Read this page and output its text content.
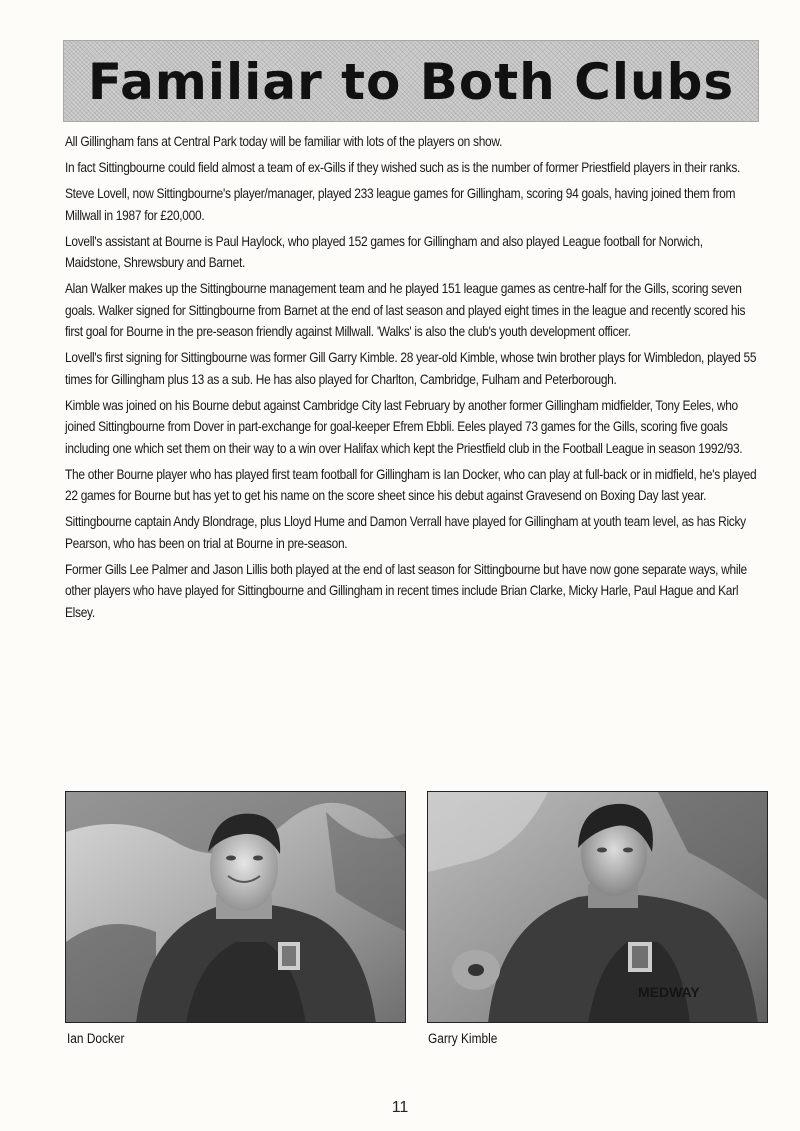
Familiar to Both Clubs

All Gillingham fans at Central Park today will be familiar with lots of the players on show.

In fact Sittingbourne could field almost a team of ex-Gills if they wished such as is the number of former Priestfield players in their ranks.

Steve Lovell, now Sittingbourne's player/manager, played 233 league games for Gillingham, scoring 94 goals, having joined them from Millwall in 1987 for £20,000.

Lovell's assistant at Bourne is Paul Haylock, who played 152 games for Gillingham and also played League football for Norwich, Maidstone, Shrewsbury and Barnet.

Alan Walker makes up the Sittingbourne management team and he played 151 league games as centre-half for the Gills, scoring seven goals. Walker signed for Sittingbourne from Barnet at the end of last season and played eight times in the league and recently scored his first goal for Bourne in the pre-season friendly against Millwall. 'Walks' is also the club's youth development officer.

Lovell's first signing for Sittingbourne was former Gill Garry Kimble. 28 year-old Kimble, whose twin brother plays for Wimbledon, played 55 times for Gillingham plus 13 as a sub. He has also played for Charlton, Cambridge, Fulham and Peterborough.

Kimble was joined on his Bourne debut against Cambridge City last February by another former Gillingham midfielder, Tony Eeles, who joined Sittingbourne from Dover in part-exchange for goal-keeper Efrem Ebbli. Eeles played 73 games for the Gills, scoring five goals including one which set them on their way to a win over Halifax which kept the Priestfield club in the Football League in season 1992/93.

The other Bourne player who has played first team football for Gillingham is Ian Docker, who can play at full-back or in midfield, he's played 22 games for Bourne but has yet to get his name on the score sheet since his debut against Gravesend on Boxing Day last year.

Sittingbourne captain Andy Blondrage, plus Lloyd Hume and Damon Verrall have played for Gillingham at youth team level, as has Ricky Pearson, who has been on trial at Bourne in pre-season.

Former Gills Lee Palmer and Jason Lillis both played at the end of last season for Sittingbourne but have now gone separate ways, while other players who have played for Sittingbourne and Gillingham in recent times include Brian Clarke, Micky Harle, Paul Hague and Karl Elsey.

MEDWAY
Ian Docker	Garry Kimble
11
